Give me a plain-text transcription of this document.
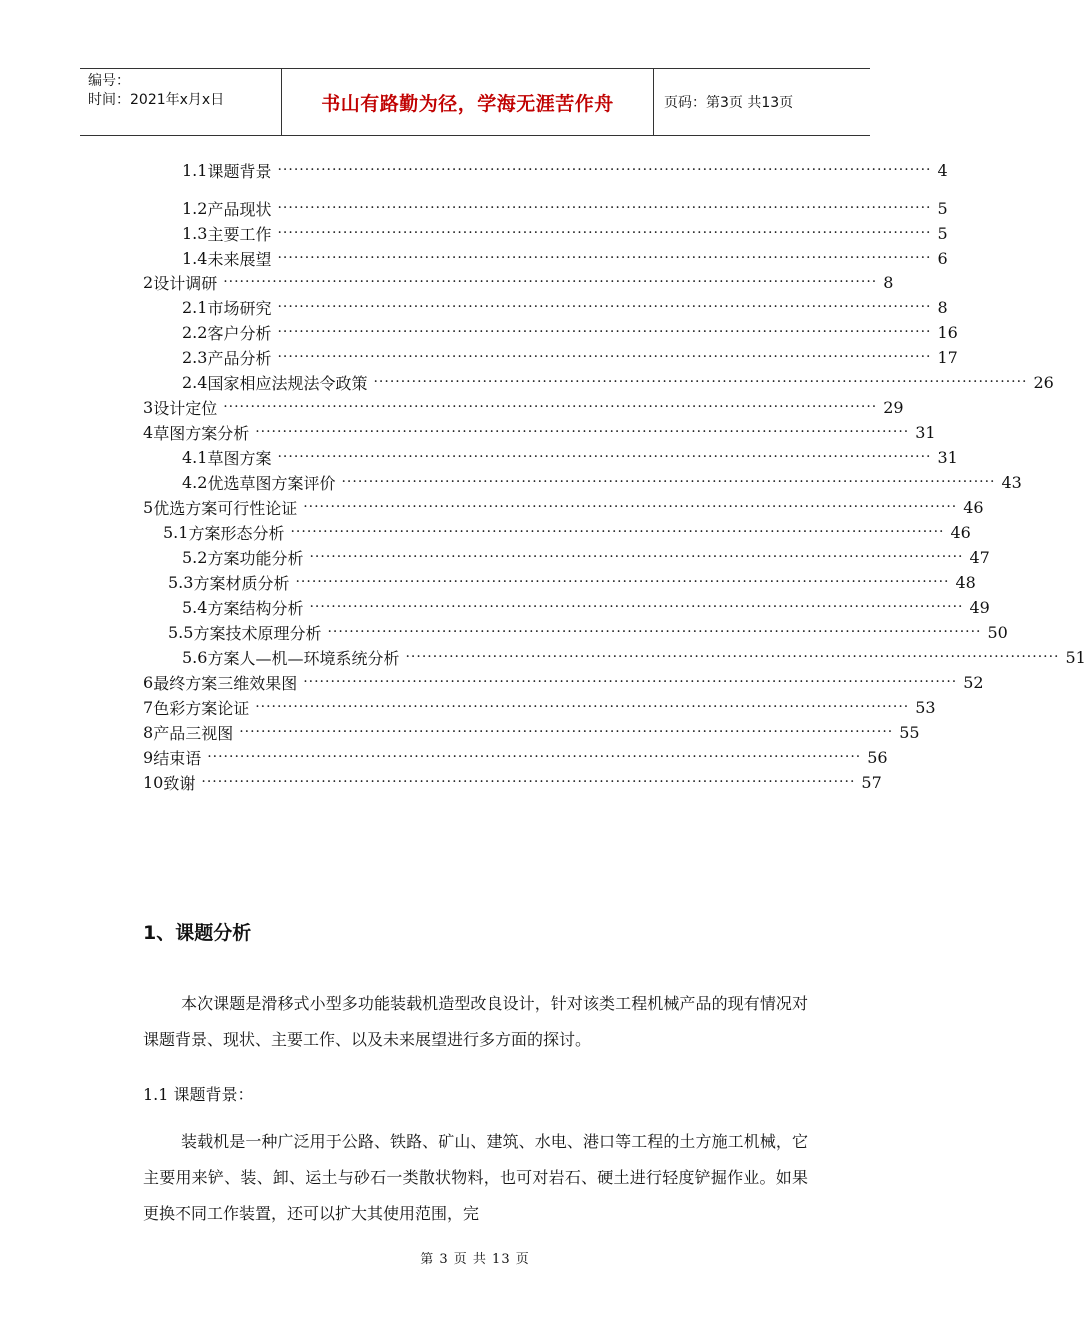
编号：
时间：2021年x月x日	书山有路勤为径，学海无涯苦作舟	页码：第3页 共13页
1.1 课题背景 ························································································································ 4
1.2 产品现状 ························································································································ 5
1.3 主要工作 ························································································································ 5
1.4 未来展望 ························································································································ 6
2 设计调研 ························································································································ 8
2.1 市场研究 ························································································································ 8
2.2 客户分析 ························································································································ 16
2.3 产品分析 ························································································································ 17
2.4 国家相应法规法令政策 ························································································································ 26
3 设计定位 ························································································································ 29
4 草图方案分析 ························································································································ 31
4.1 草图方案 ························································································································ 31
4.2 优选草图方案评价 ························································································································ 43
5 优选方案可行性论证 ························································································································ 46
5.1 方案形态分析 ························································································································ 46
5.2 方案功能分析 ························································································································ 47
5.3 方案材质分析 ························································································································ 48
5.4 方案结构分析 ························································································································ 49
5.5 方案技术原理分析 ························································································································ 50
5.6 方案人—机—环境系统分析 ························································································································ 51
6 最终方案三维效果图 ························································································································ 52
7 色彩方案论证 ························································································································ 53
8 产品三视图 ························································································································ 55
9 结束语 ························································································································ 56
10 致谢 ························································································································ 57
1、课题分析
本次课题是滑移式小型多功能装载机造型改良设计，针对该类工程机械产品的现有情况对课题背景、现状、主要工作、以及未来展望进行多方面的探讨。
1.1 课题背景：
装载机是一种广泛用于公路、铁路、矿山、建筑、水电、港口等工程的土方施工机械，它主要用来铲、装、卸、运土与砂石一类散状物料，也可对岩石、硬土进行轻度铲掘作业。如果更换不同工作装置，还可以扩大其使用范围，完
第 3 页 共 13 页
